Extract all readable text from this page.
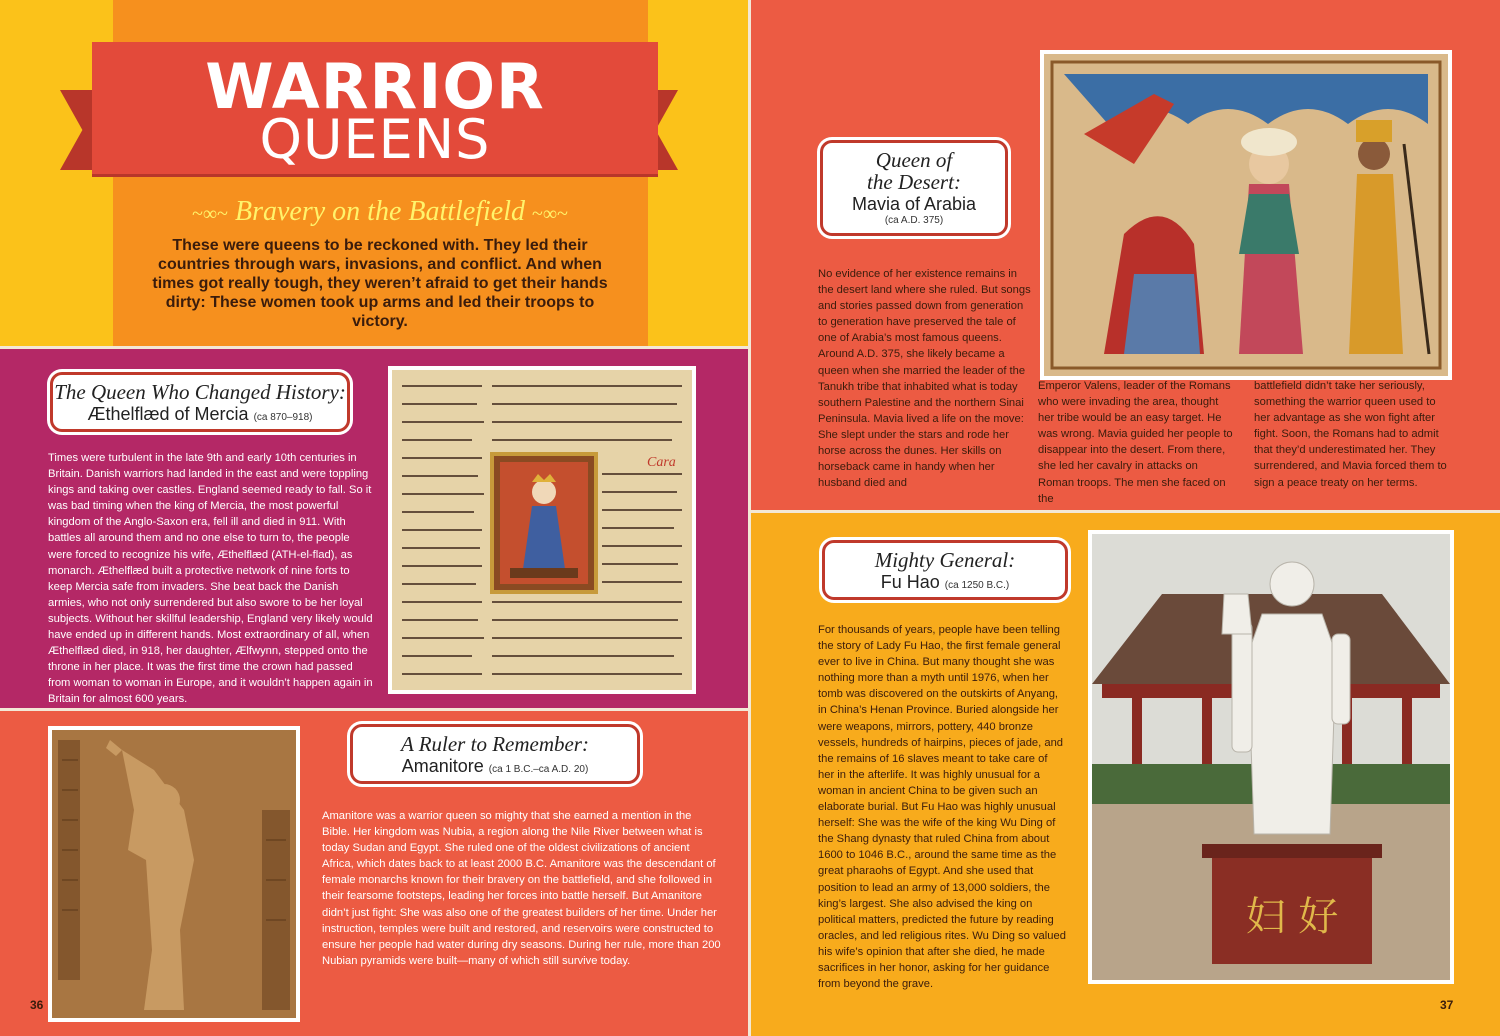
WARRIOR
QUEENS
~∞~ Bravery on the Battlefield ~∞~
These were queens to be reckoned with. They led their countries through wars, invasions, and conflict. And when times got really tough, they weren’t afraid to get their hands dirty: These women took up arms and led their troops to victory.
The Queen Who Changed History:
Æthelflæd of Mercia (ca 870–918)
Times were turbulent in the late 9th and early 10th centuries in Britain. Danish warriors had landed in the east and were toppling kings and taking over castles. England seemed ready to fall. So it was bad timing when the king of Mercia, the most powerful kingdom of the Anglo-Saxon era, fell ill and died in 911. With battles all around them and no one else to turn to, the people were forced to recognize his wife, Æthelflæd (ATH-el-flad), as monarch. Æthelflæd built a protective network of nine forts to keep Mercia safe from invaders. She beat back the Danish armies, who not only surrendered but also swore to be her loyal subjects. Without her skillful leadership, England very likely would have ended up in different hands. Most extraordinary of all, when Æthelflæd died, in 918, her daughter, Ælfwynn, stepped onto the throne in her place. It was the first time the crown had passed from woman to woman in Europe, and it wouldn’t happen again in Britain for almost 600 years.
Cara
A Ruler to Remember:
Amanitore (ca 1 B.C.–ca A.D. 20)
Amanitore was a warrior queen so mighty that she earned a mention in the Bible. Her kingdom was Nubia, a region along the Nile River between what is today Sudan and Egypt. She ruled one of the oldest civilizations of ancient Africa, which dates back to at least 2000 B.C. Amanitore was the descendant of female monarchs known for their bravery on the battlefield, and she followed in their fearsome footsteps, leading her forces into battle herself. But Amanitore didn’t just fight: She was also one of the greatest builders of her time. Under her instruction, temples were built and restored, and reservoirs were constructed to ensure her people had water during dry seasons. During her rule, more than 200 Nubian pyramids were built—many of which still survive today.
Queen of
the Desert:
Mavia of Arabia
(ca A.D. 375)
No evidence of her existence remains in the desert land where she ruled. But songs and stories passed down from generation to generation have preserved the tale of one of Arabia’s most famous queens. Around A.D. 375, she likely became a queen when she married the leader of the Tanukh tribe that inhabited what is today southern Palestine and the northern Sinai Peninsula. Mavia lived a life on the move: She slept under the stars and rode her horse across the dunes. Her skills on horseback came in handy when her husband died and
Emperor Valens, leader of the Romans who were invading the area, thought her tribe would be an easy target. He was wrong. Mavia guided her people to disappear into the desert. From there, she led her cavalry in attacks on Roman troops. The men she faced on the
battlefield didn’t take her seriously, something the warrior queen used to her advantage as she won fight after fight. Soon, the Romans had to admit that they’d underestimated her. They surrendered, and Mavia forced them to sign a peace treaty on her terms.
Mighty General:
Fu Hao (ca 1250 B.C.)
For thousands of years, people have been telling the story of Lady Fu Hao, the first female general ever to live in China. But many thought she was nothing more than a myth until 1976, when her tomb was discovered on the outskirts of Anyang, in China’s Henan Province. Buried alongside her were weapons, mirrors, pottery, 440 bronze vessels, hundreds of hairpins, pieces of jade, and the remains of 16 slaves meant to take care of her in the afterlife. It was highly unusual for a woman in ancient China to be given such an elaborate burial. But Fu Hao was highly unusual herself: She was the wife of the king Wu Ding of the Shang dynasty that ruled China from about 1600 to 1046 B.C., around the same time as the great pharaohs of Egypt. And she used that position to lead an army of 13,000 soldiers, the king’s largest. She also advised the king on political matters, predicted the future by reading oracles, and led religious rites. Wu Ding so valued his wife’s opinion that after she died, he made sacrifices in her honor, asking for her guidance from beyond the grave.
妇 好
36	37
